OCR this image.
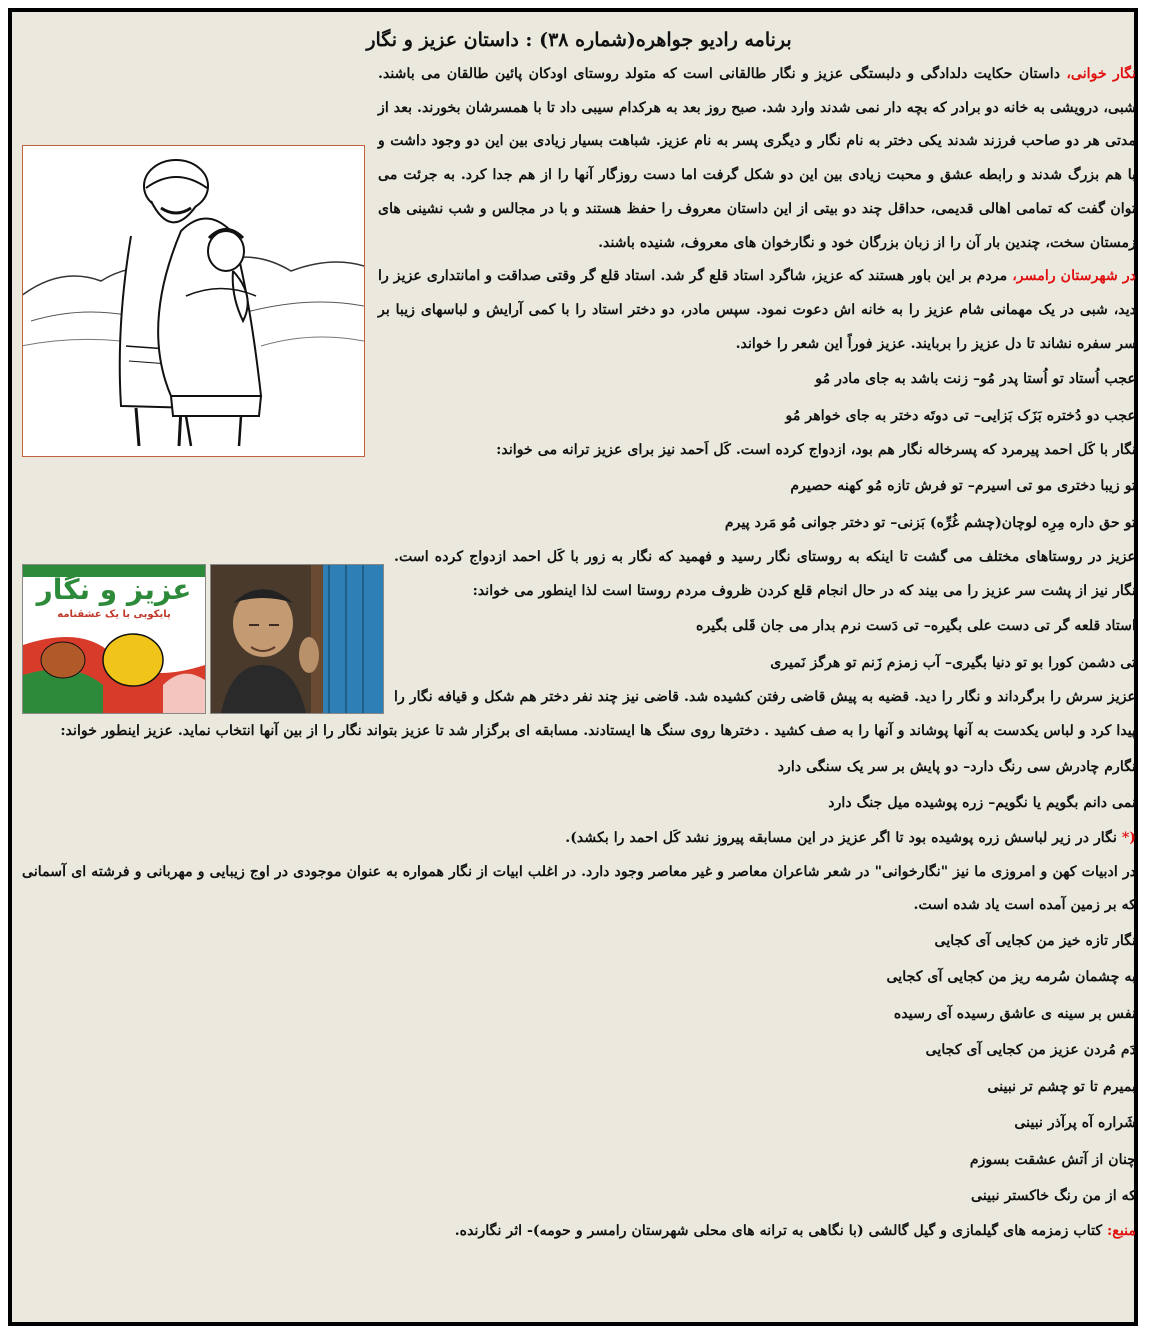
عزیز و نگار
پایکوبی با یک عشقنامه
برنامه رادیو جواهره(شماره ۳۸) : داستان عزیز و نگار
نگار خوانی، داستان حکایت دلدادگی و دلبستگی عزیز و نگار طالقانی است که متولد روستای اودکان پائین طالقان می باشند. شبی، درویشی به خانه دو برادر که بچه دار نمی شدند وارد شد. صبح روز بعد به هرکدام سیبی داد تا با همسرشان بخورند. بعد از مدتی هر دو صاحب فرزند شدند یکی دختر به نام نگار و دیگری پسر به نام عزیز. شباهت بسیار زیادی بین این دو وجود داشت و با هم بزرگ شدند و رابطه عشق و محبت زیادی بین این دو شکل گرفت اما دست روزگار آنها را از هم جدا کرد. به جرئت می توان گفت که تمامی اهالی قدیمی، حداقل چند دو بیتی از این داستان معروف را حفظ هستند و با در مجالس و شب نشینی های زمستان سخت، چندین بار آن را از زبان بزرگان خود و نگارخوان های معروف، شنیده باشند.
در شهرستان رامسر، مردم بر این باور هستند که عزیز، شاگرد استاد قلع گر شد. استاد قلع گر وقتی صداقت و امانتداری عزیز را دید، شبی در یک مهمانی شام عزیز را به خانه اش دعوت نمود. سپس مادر، دو دختر استاد را با کمی آرایش و لباسهای زیبا بر سر سفره نشاند تا دل عزیز را بربایند. عزیز فوراً این شعر را خواند.
عجب اُستاد تو اُستا پدر مُو– زنت باشد به جای مادر مُو
عجب دو دُختره بَزَک بَزایی– تی دوتَه دختر به جای خواهر مُو
نگار با کَل احمد پیرمرد که پسرخاله نگار هم بود، ازدواج کرده است. کَل اَحمد نیز برای عزیز ترانه می خواند:
تو زیبا دختری مو تی اسیرم– تو فرش تازه مُو کهنه حصیرم
تو حق داره مِرِه لوچان(چشم غُرِّه) بَزنی– تو دختر جوانی مُو مَرد پیرم
عزیز در روستاهای مختلف می گشت تا اینکه به روستای نگار رسید و فهمید که نگار به زور با کَل احمد ازدواج کرده است. نگار نیز از پشت سر عزیز را می بیند که در حال انجام قلع کردن ظروف مردم روستا است لذا اینطور می خواند:
استاد قلعه گر تی دست علی بگیره– تی دَست نرم بدار می جان قَلی بگیره
تی دشمن کورا بو تو دنیا بگیری– آب زمزم زَنم تو هرگز نَمیری
عزیز سرش را برگرداند و نگار را دید. قضیه به پیش قاضی رفتن کشیده شد. قاضی نیز چند نفر دختر هم شکل و قیافه نگار را پیدا کرد و لباس یکدست به آنها پوشاند و آنها را به صف کشید . دخترها روی سنگ ها ایستادند. مسابقه ای برگزار شد تا عزیز بتواند نگار را از بین آنها انتخاب نماید. عزیز اینطور خواند:
نگارم چادرش سی رنگ دارد– دو پایش بر سر یک سنگی دارد
نمی دانم بگویم یا نگویم– زره پوشیده میل جنگ دارد
(* نگار در زیر لباسش زره پوشیده بود تا اگر عزیز در این مسابقه پیروز نشد کَل احمد را بکشد).
در ادبیات کهن و امروزی ما نیز "نگارخوانی" در شعر شاعران معاصر و غیر معاصر وجود دارد. در اغلب ابیات از نگار همواره به عنوان موجودی در اوج زیبایی و مهربانی و فرشته ای آسمانی که بر زمین آمده است یاد شده است.
نگار تازه خیز من کجایی آی کجایی
به چشمان سُرمه ریز من کجایی آی کجایی
نفس بر سینه ی عاشق رسیده آی رسیده
دَم مُردن عزیز من کجایی آی کجایی
بمیرم تا تو چشم تر نبینی
شَراره آه پرآذر نبینی
چنان از آتش عشقت بسوزم
که از من رنگ خاکستر نبینی
منبع: کتاب زمزمه های گیلمازی و گیل گالشی (با نگاهی به ترانه های محلی شهرستان رامسر و حومه)- اثر نگارنده.
